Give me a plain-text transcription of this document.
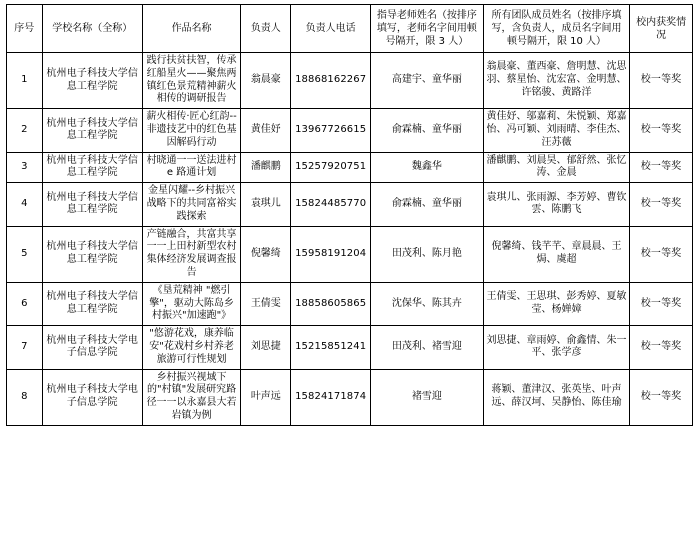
序号	学校名称（全称）	作品名称	负责人	负责人电话	指导老师姓名（按排序填写，老师名字间用顿号隔开，限 3 人）	所有团队成员姓名（按排序填写，含负责人，成员名字间用顿号隔开，限 10 人）	校内获奖情况

1	杭州电子科技大学信息工程学院	践行扶贫扶智，传承红船星火——聚焦两镇红色景荒精神薪火相传的调研报告	翁晨豪	18868162267	高建宇、童华丽	翁晨豪、董西豪、詹明慧、沈思羽、蔡星怡、沈宏富、金明慧、许铭骏、黄路洋	校一等奖
2	杭州电子科技大学信息工程学院	薪火相传·匠心红韵--非遗技艺中的红色基因解码行动	黄佳妤	13967726615	俞霖楠、童华丽	黄佳妤、邬嘉莉、朱悦颖、郑嘉怡、冯可颖、刘雨晴、李佳杰、汪苏薇	校一等奖
3	杭州电子科技大学信息工程学院	村晓通一一送法进村e 路通计划	潘麒鹏	15257920751	魏鑫华	潘麒鹏、刘晨昊、郁舒然、张忆涛、金晨	校一等奖
4	杭州电子科技大学信息工程学院	金星闪耀--乡村振兴战略下的共同富裕实践探索	袁琪儿	15824485770	俞霖楠、童华丽	袁琪儿、张雨源、李芳婷、曹钦雲、陈鹏飞	校一等奖
5	杭州电子科技大学信息工程学院	产链融合，共富共享一一上田村新型农村集体经济发展调查报告	倪馨绮	15958191204	田茂利、陈月艳	倪馨绮、钱芊芊、章晨晨、王焗、虞超	校一等奖
6	杭州电子科技大学信息工程学院	《垦荒精神 "燃引擎"，驱动大陈岛乡村振兴"加速跑"》	王倩雯	18858605865	沈保华、陈其卉	王倩雯、王思琪、彭秀婷、夏敏莹、杨婵嫜	校一等奖
7	杭州电子科技大学电子信息学院	"悠游花戏，康养临安"花戏村乡村养老旅游可行性规划	刘思捷	15215851241	田茂利、褚雪迎	刘思捷、章雨婷、俞鑫情、朱一平、张学彦	校一等奖
8	杭州电子科技大学电子信息学院	乡村振兴视域下的"村镇"发展研究路径一一以永嘉县大若岩镇为例	叶声远	15824171874	褚雪迎	蒋颖、董津汉、张英坒、叶声远、薛汉坷、吴静怡、陈佳瑜	校一等奖
